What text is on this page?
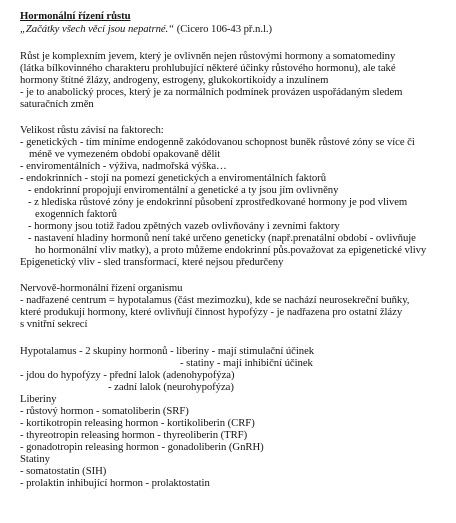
Hormonální řízení růstu
„Začátky všech věcí jsou nepatrné.“ (Cicero 106-43 př.n.l.)
Růst je komplexním jevem, který je ovlivněn nejen růstovými hormony a somatomediny
(látka bílkovinného charakteru prohlubující některé účinky růstového hormonu), ale také
hormony štítné žlázy, androgeny, estrogeny, glukokortikoidy a inzulínem
- je to anabolický proces, který je za normálních podmínek provázen uspořádaným sledem
saturačních změn
Velikost růstu závisí na faktorech:
- genetických - tím míníme endogenně zakódovanou schopnost buněk růstové zóny se více či
méně ve vymezeném období opakovaně dělit
- enviromentálních - výživa, nadmořská výška…
- endokrinních - stojí na pomezí genetických a enviromentálních faktorů
- endokrinní propojují enviromentální a genetické a ty jsou jím ovlivněny
- z hlediska růstové zóny je endokrinní působení zprostředkované hormony je pod vlivem
exogenních faktorů
- hormony jsou totiž řadou zpětných vazeb ovlivňovány i zevními faktory
- nastavení hladiny hormonů není také určeno geneticky (např.prenatální období - ovlivňuje
ho hormonální vliv matky), a proto můžeme endokrinní půs.považovat za epigenetické vlivy
Epigenetický vliv - sled transformací, které nejsou předurčeny
Nervově-hormonální řízení organismu
- nadřazené centrum = hypotalamus (část mezimozku), kde se nachází neurosekreční buňky,
které produkují hormony, které ovlivňují činnost hypofýzy - je nadřazena pro ostatní žlázy
s vnitřní sekrecí
Hypotalamus - 2 skupiny hormonů - liberiny - mají stimulační účinek
- statiny - mají inhibiční účinek
- jdou do hypofýzy - přední lalok (adenohypofýza)
- zadní lalok (neurohypofýza)
Liberiny
- růstový hormon - somatoliberin (SRF)
- kortikotropin releasing hormon - kortikoliberin (CRF)
- thyreotropin releasing hormon - thyreoliberin (TRF)
- gonadotropin releasing hormon - gonadoliberin (GnRH)
Statiny
- somatostatin (SIH)
- prolaktin inhibující hormon - prolaktostatin
